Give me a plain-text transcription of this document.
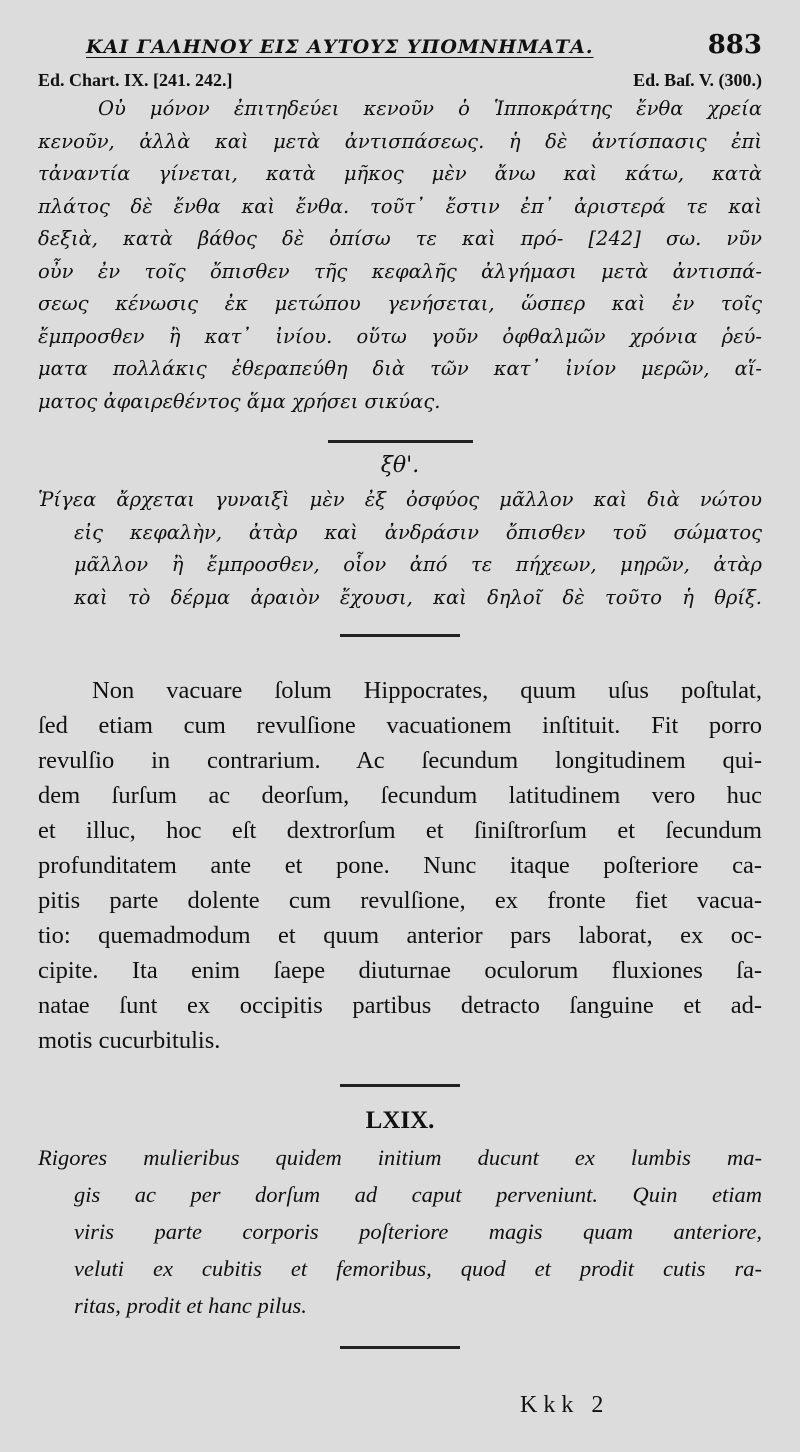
ΚΑΙ ΓΑΛΗΝΟΥ ΕΙΣ ΑΥΤΟΥΣ ΥΠΟΜΝΗΜΑΤΑ.	883
Ed. Chart. IX. [241. 242.]	Ed. Baſ. V. (300.)

Οὐ μόνον ἐπιτηδεύει κενοῦν ὁ Ἱπποκράτης ἔνθα χρεία
κενοῦν, ἀλλὰ καὶ μετὰ ἀντισπάσεως. ἡ δὲ ἀντίσπασις ἐπὶ
τἀναντία γίνεται, κατὰ μῆκος μὲν ἄνω καὶ κάτω, κατὰ
πλάτος δὲ ἔνθα καὶ ἔνθα. τοῦτ᾽ ἔστιν ἐπ᾽ ἀριστερά τε καὶ
δεξιὰ, κατὰ βάθος δὲ ὀπίσω τε καὶ πρό- [242] σω. νῦν
οὖν ἐν τοῖς ὄπισθεν τῆς κεφαλῆς ἀλγήμασι μετὰ ἀντισπά-
σεως κένωσις ἐκ μετώπου γενήσεται, ὥσπερ καὶ ἐν τοῖς
ἔμπροσθεν ἢ κατ᾽ ἰνίου. οὕτω γοῦν ὀφθαλμῶν χρόνια ῥεύ-
ματα πολλάκις ἐθεραπεύθη διὰ τῶν κατ᾽ ἰνίον μερῶν, αἵ-
ματος ἀφαιρεθέντος ἅμα χρήσει σικύας.

ξθ'.

Ῥίγεα ἄρχεται γυναιξὶ μὲν ἐξ ὀσφύος μᾶλλον καὶ διὰ νώτου
εἰς κεφαλὴν, ἀτὰρ καὶ ἀνδράσιν ὄπισθεν τοῦ σώματος
μᾶλλον ἢ ἔμπροσθεν, οἷον ἀπό τε πήχεων, μηρῶν, ἀτὰρ
καὶ τὸ δέρμα ἀραιὸν ἔχουσι, καὶ δηλοῖ δὲ τοῦτο ἡ θρίξ.

Non vacuare ſolum Hippocrates, quum uſus poſtulat,
ſed etiam cum revulſione vacuationem inſtituit. Fit porro
revulſio in contrarium. Ac ſecundum longitudinem qui-
dem ſurſum ac deorſum, ſecundum latitudinem vero huc
et illuc, hoc eſt dextrorſum et ſiniſtrorſum et ſecundum
profunditatem ante et pone. Nunc itaque poſteriore ca-
pitis parte dolente cum revulſione, ex fronte fiet vacua-
tio: quemadmodum et quum anterior pars laborat, ex oc-
cipite. Ita enim ſaepe diuturnae oculorum fluxiones ſa-
natae ſunt ex occipitis partibus detracto ſanguine et ad-
motis cucurbitulis.

LXIX.

Rigores mulieribus quidem initium ducunt ex lumbis ma-
gis ac per dorſum ad caput perveniunt. Quin etiam
viris parte corporis poſteriore magis quam anteriore,
veluti ex cubitis et femoribus, quod et prodit cutis ra-
ritas, prodit et hanc pilus.

Kkk 2
